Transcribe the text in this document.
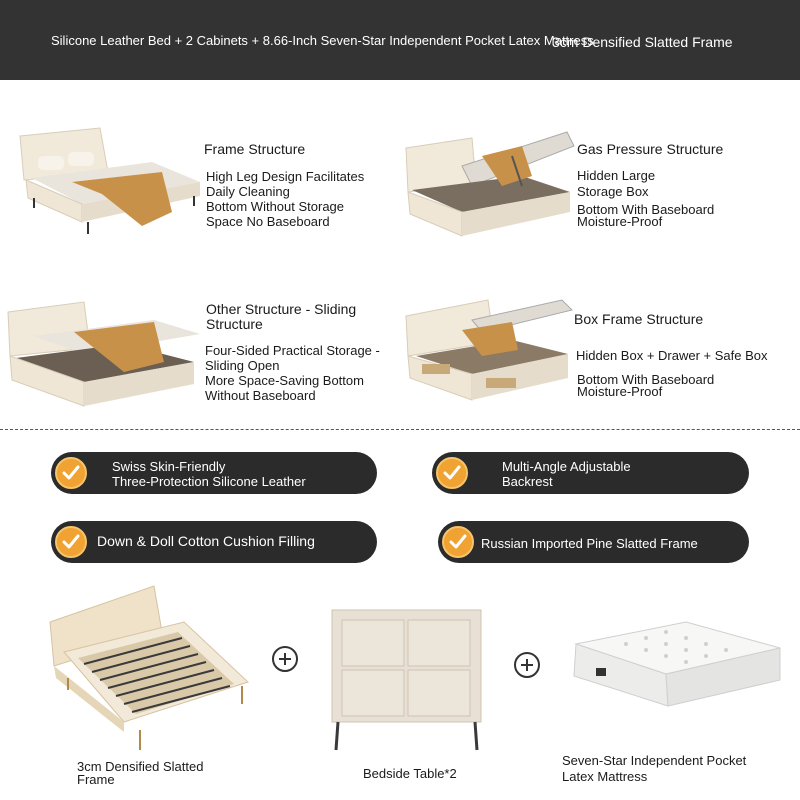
Silicone Leather Bed + 2 Cabinets + 8.66-Inch Seven-Star Independent Pocket Latex Mattress
3cm Densified Slatted Frame
Frame Structure
High Leg Design Facilitates
Daily Cleaning
Bottom Without Storage
Space No Baseboard
Gas Pressure Structure
Hidden Large
Storage Box
Bottom With Baseboard
Moisture-Proof
Other Structure - Sliding
Structure
Four-Sided Practical Storage -
Sliding Open
More Space-Saving Bottom
Without Baseboard
Box Frame Structure
Hidden Box + Drawer + Safe Box
Bottom With Baseboard
Moisture-Proof
Swiss Skin-Friendly
Three-Protection Silicone Leather
Multi-Angle Adjustable
Backrest
Down & Doll Cotton Cushion Filling	Russian Imported Pine Slatted Frame
3cm Densified Slatted
Frame	Bedside Table*2
Seven-Star Independent Pocket
Latex Mattress
